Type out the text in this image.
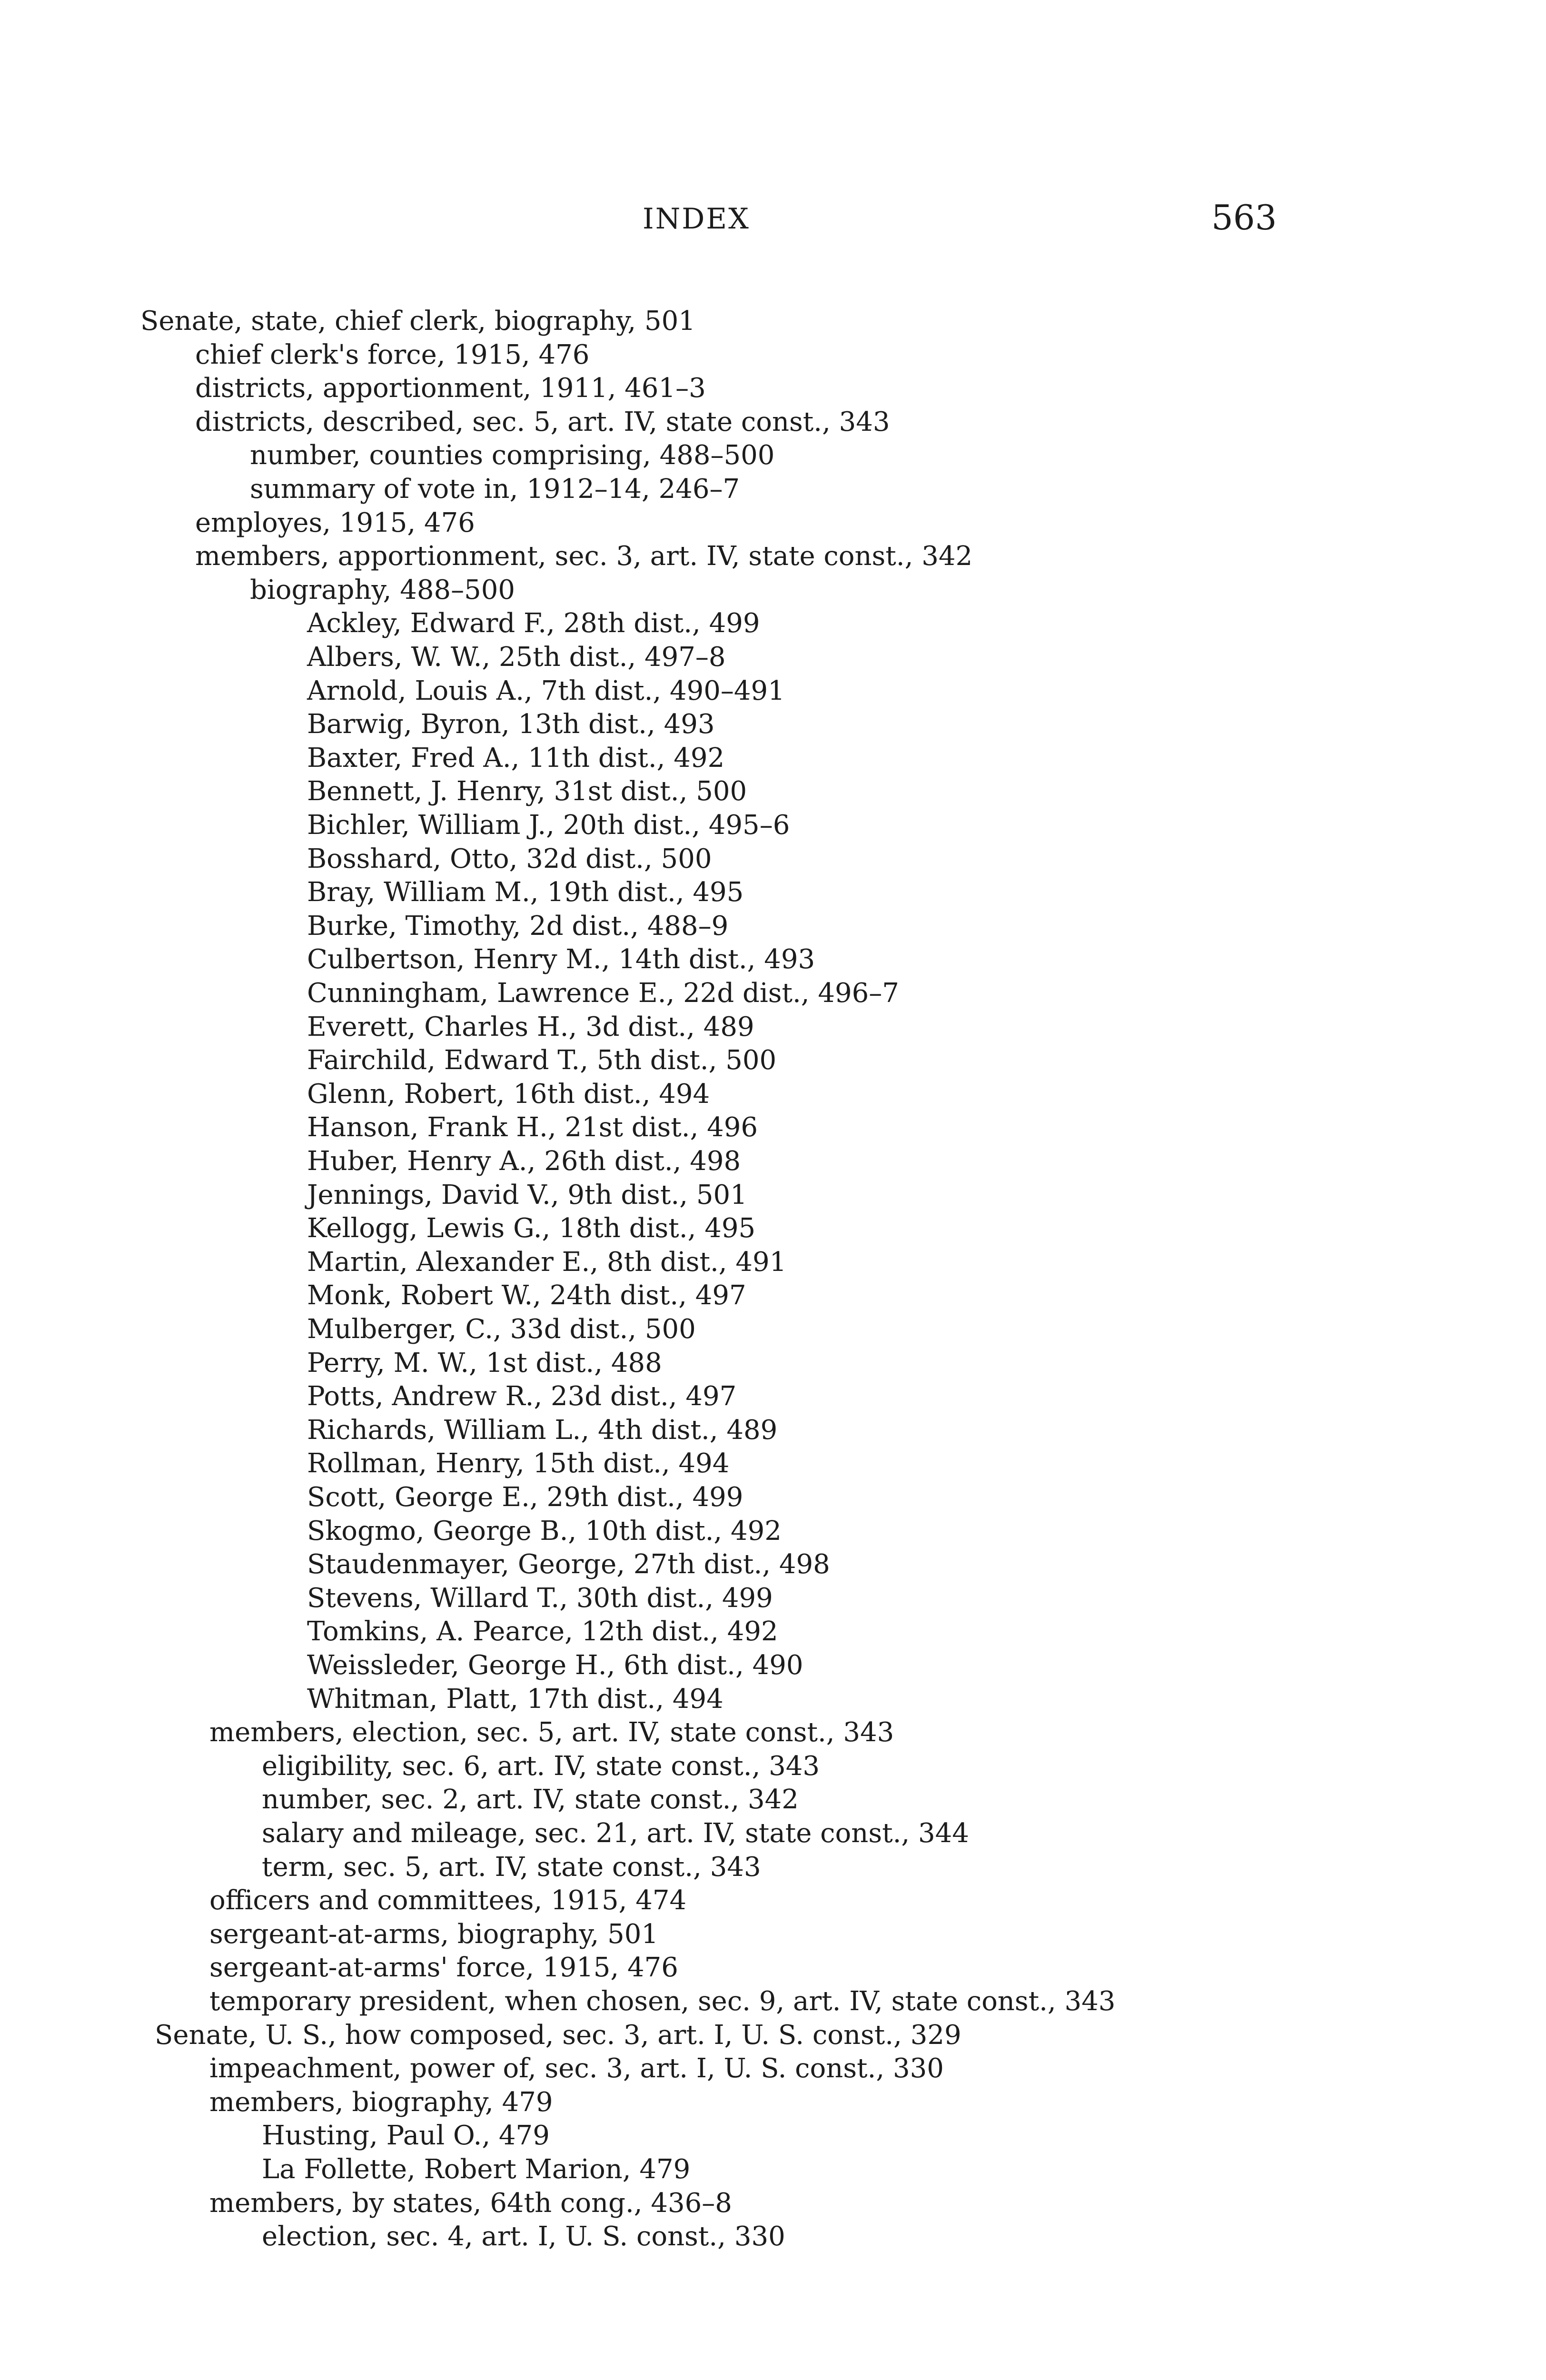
INDEX	563
Senate, state, chief clerk, biography, 501
chief clerk's force, 1915, 476
districts, apportionment, 1911, 461–3
districts, described, sec. 5, art. IV, state const., 343
number, counties comprising, 488–500
summary of vote in, 1912–14, 246–7
employes, 1915, 476
members, apportionment, sec. 3, art. IV, state const., 342
biography, 488–500
Ackley, Edward F., 28th dist., 499
Albers, W. W., 25th dist., 497–8
Arnold, Louis A., 7th dist., 490–491
Barwig, Byron, 13th dist., 493
Baxter, Fred A., 11th dist., 492
Bennett, J. Henry, 31st dist., 500
Bichler, William J., 20th dist., 495–6
Bosshard, Otto, 32d dist., 500
Bray, William M., 19th dist., 495
Burke, Timothy, 2d dist., 488–9
Culbertson, Henry M., 14th dist., 493
Cunningham, Lawrence E., 22d dist., 496–7
Everett, Charles H., 3d dist., 489
Fairchild, Edward T., 5th dist., 500
Glenn, Robert, 16th dist., 494
Hanson, Frank H., 21st dist., 496
Huber, Henry A., 26th dist., 498
Jennings, David V., 9th dist., 501
Kellogg, Lewis G., 18th dist., 495
Martin, Alexander E., 8th dist., 491
Monk, Robert W., 24th dist., 497
Mulberger, C., 33d dist., 500
Perry, M. W., 1st dist., 488
Potts, Andrew R., 23d dist., 497
Richards, William L., 4th dist., 489
Rollman, Henry, 15th dist., 494
Scott, George E., 29th dist., 499
Skogmo, George B., 10th dist., 492
Staudenmayer, George, 27th dist., 498
Stevens, Willard T., 30th dist., 499
Tomkins, A. Pearce, 12th dist., 492
Weissleder, George H., 6th dist., 490
Whitman, Platt, 17th dist., 494
members, election, sec. 5, art. IV, state const., 343
eligibility, sec. 6, art. IV, state const., 343
number, sec. 2, art. IV, state const., 342
salary and mileage, sec. 21, art. IV, state const., 344
term, sec. 5, art. IV, state const., 343
officers and committees, 1915, 474
sergeant-at-arms, biography, 501
sergeant-at-arms' force, 1915, 476
temporary president, when chosen, sec. 9, art. IV, state const., 343
Senate, U. S., how composed, sec. 3, art. I, U. S. const., 329
impeachment, power of, sec. 3, art. I, U. S. const., 330
members, biography, 479
Husting, Paul O., 479
La Follette, Robert Marion, 479
members, by states, 64th cong., 436–8
election, sec. 4, art. I, U. S. const., 330
